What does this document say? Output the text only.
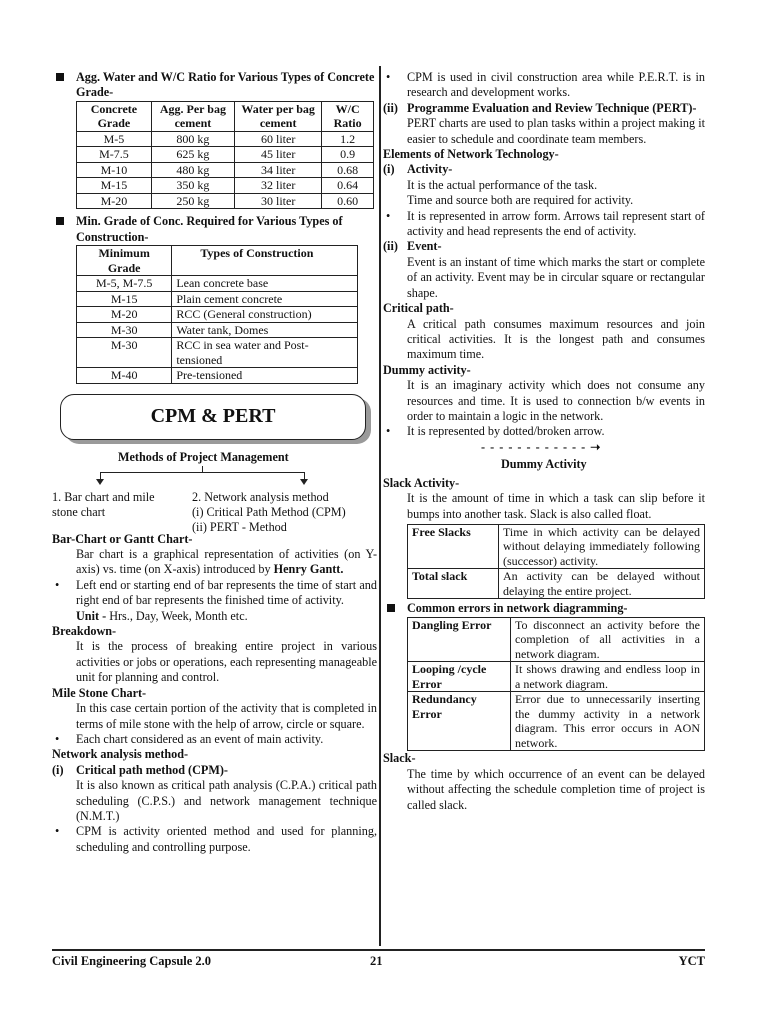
Agg. Water and W/C Ratio for Various Types of Concrete Grade-
Concrete Grade	Agg. Per bag cement	Water per bag cement	W/C Ratio
M-5	800 kg	60 liter	1.2
M-7.5	625 kg	45 liter	0.9
M-10	480 kg	34 liter	0.68
M-15	350 kg	32 liter	0.64
M-20	250 kg	30 liter	0.60
Min. Grade of Conc. Required for Various Types of Construction-
Minimum Grade	Types of Construction
M-5, M-7.5	Lean concrete base
M-15	Plain cement concrete
M-20	RCC (General construction)
M-30	Water tank, Domes
M-30	RCC in sea water and Post-tensioned
M-40	Pre-tensioned
CPM & PERT
Methods of Project Management
1. Bar chart and mile stone chart
2. Network analysis method
(i) Critical Path Method (CPM)
(ii) PERT - Method
Bar-Chart or Gantt Chart-
Bar chart is a graphical representation of activities (on Y-axis) vs. time (on X-axis) introduced by Henry Gantt.
• Left end or starting end of bar represents the time of start and right end of bar represents the finished time of activity.
Unit - Hrs., Day, Week, Month etc.
Breakdown-
It is the process of breaking entire project in various activities or jobs or operations, each representing manageable unit for planning and control.
Mile Stone Chart-
In this case certain portion of the activity that is completed in terms of mile stone with the help of arrow, circle or square.
• Each chart considered as an event of main activity.
Network analysis method-
(i) Critical path method (CPM)-
It is also known as critical path analysis (C.P.A.) critical path scheduling (C.P.S.) and network management technique (N.M.T.)
• CPM is activity oriented method and used for planning, scheduling and controlling purpose.
• CPM is used in civil construction area while P.E.R.T. is in research and development works.
(ii) Programme Evaluation and Review Technique (PERT)-
PERT charts are used to plan tasks within a project making it easier to schedule and coordinate team members.
Elements of Network Technology-
(i) Activity-
It is the actual performance of the task.
Time and source both are required for activity.
• It is represented in arrow form. Arrows tail represent start of activity and head represents the end of activity.
(ii) Event-
Event is an instant of time which marks the start or complete of an activity. Event may be in circular square or rectangular shape.
Critical path-
A critical path consumes maximum resources and join critical activities. It is the longest path and consumes maximum time.
Dummy activity-
It is an imaginary activity which does not consume any resources and time. It is used to connection b/w events in order to maintain a logic in the network.
• It is represented by dotted/broken arrow.
- - - - - - - - - - - - ➝
Dummy Activity
Slack Activity-
It is the amount of time in which a task can slip before it bumps into another task. Slack is also called float.
Free Slacks	Time in which activity can be delayed without delaying immediately following (successor) activity.
Total slack	An activity can be delayed without delaying the entire project.
Common errors in network diagramming-
Dangling Error	To disconnect an activity before the completion of all activities in a network diagram.
Looping /cycle Error	It shows drawing and endless loop in a network diagram.
Redundancy Error	Error due to unnecessarily inserting the dummy activity in a network diagram. This error occurs in AON network.
Slack-
The time by which occurrence of an event can be delayed without affecting the schedule completion time of project is called slack.
Civil Engineering Capsule 2.0	21	YCT
